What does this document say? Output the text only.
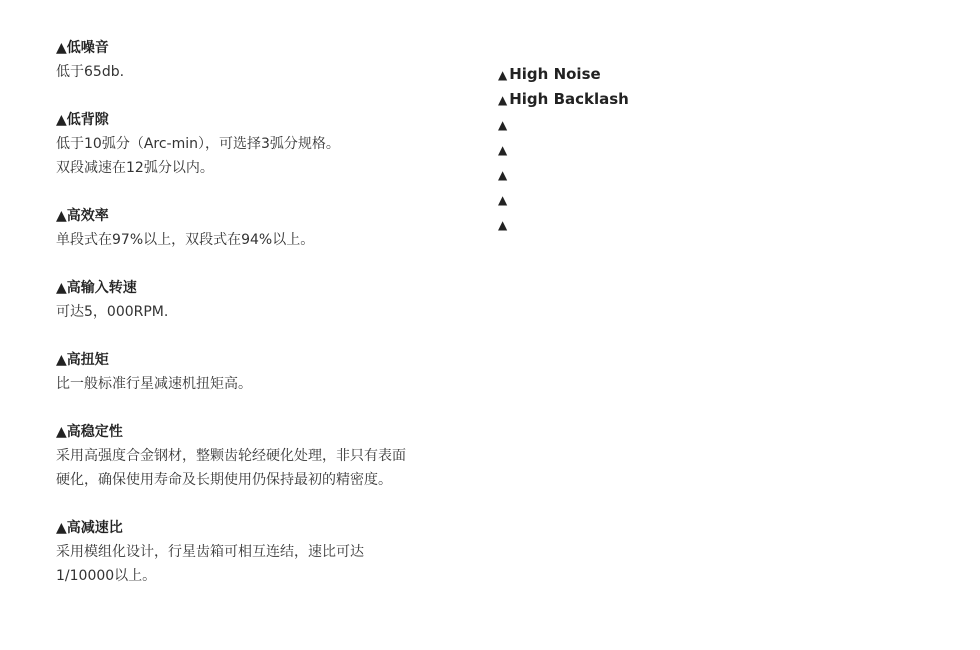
▲低噪音
低于65db.
▲低背隙
低于10弧分（Arc-min），可选择3弧分规格。
双段减速在12弧分以内。
▲高效率
单段式在97%以上，双段式在94%以上。
▲高输入转速
可达5，000RPM.
▲高扭矩
比一般标准行星减速机扭矩高。
▲高稳定性
采用高强度合金钢材，整颗齿轮经硬化处理，非只有表面
硬化，确保使用寿命及长期使用仍保持最初的精密度。
▲高减速比
采用模组化设计，行星齿箱可相互连结，速比可达
1/10000以上。
▲ High Noise
▲ High Backlash
▲
▲
▲
▲
▲
